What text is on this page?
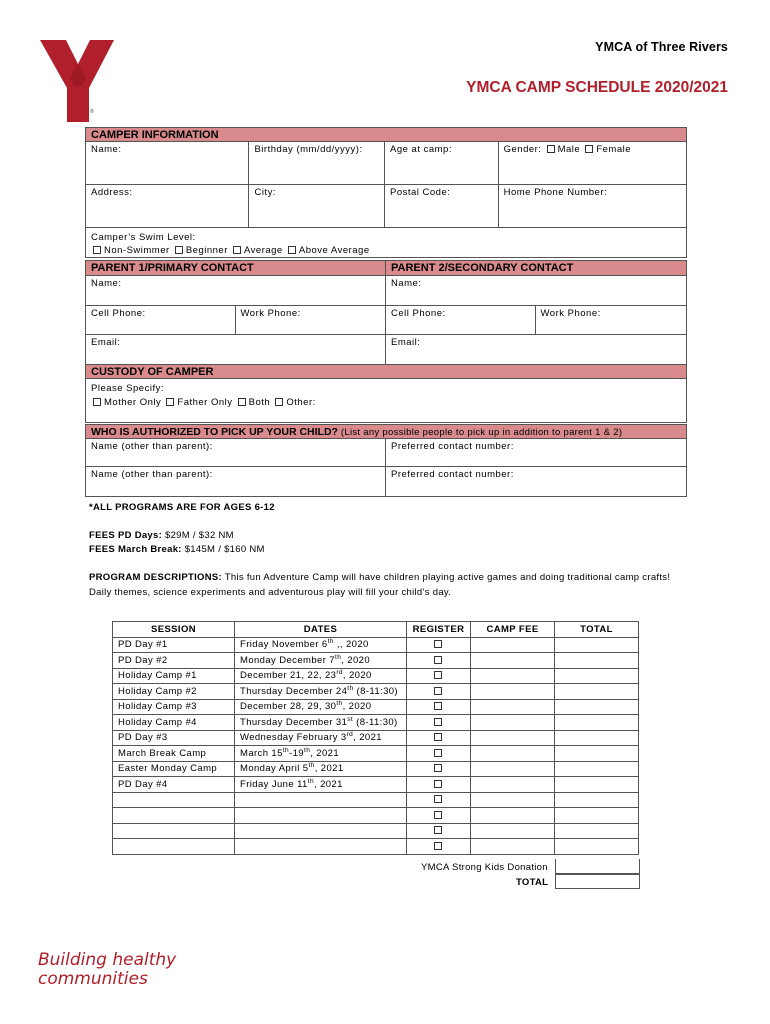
®
YMCA of Three Rivers
YMCA CAMP SCHEDULE 2020/2021
CAMPER INFORMATION
Name:	Birthday (mm/dd/yyyy):	Age at camp:	Gender: Male Female
Address:	City:	Postal Code:	Home Phone Number:
Camper’s Swim Level:
Non-Swimmer Beginner Average Above Average
PARENT 1/PRIMARY CONTACT	PARENT 2/SECONDARY CONTACT
Name:	Name:
Cell Phone:	Work Phone:	Cell Phone:	Work Phone:
Email:	Email:
CUSTODY OF CAMPER
Please Specify:
Mother Only Father Only Both Other:
WHO IS AUTHORIZED TO PICK UP YOUR CHILD? (List any possible people to pick up in addition to parent 1 & 2)
Name (other than parent):	Preferred contact number:
Name (other than parent):	Preferred contact number:
*ALL PROGRAMS ARE FOR AGES 6-12
FEES PD Days: $29M / $32 NM
FEES March Break: $145M / $160 NM
PROGRAM DESCRIPTIONS: This fun Adventure Camp will have children playing active games and doing traditional camp crafts!
Daily themes, science experiments and adventurous play will fill your child’s day.
SESSION	DATES	REGISTER	CAMP FEE	TOTAL
PD Day #1	Friday November 6th ,, 2020			
PD Day #2	Monday December 7th, 2020			
Holiday Camp #1	December 21, 22, 23rd, 2020			
Holiday Camp #2	Thursday December 24th (8-11:30)			
Holiday Camp #3	December 28, 29, 30th, 2020			
Holiday Camp #4	Thursday December 31st (8-11:30)			
PD Day #3	Wednesday February 3rd, 2021			
March Break Camp	March 15th-19th, 2021			
Easter Monday Camp	Monday April 5th, 2021			
PD Day #4	Friday June 11th, 2021			

YMCA Strong Kids Donation
TOTAL
Building healthy
communities
